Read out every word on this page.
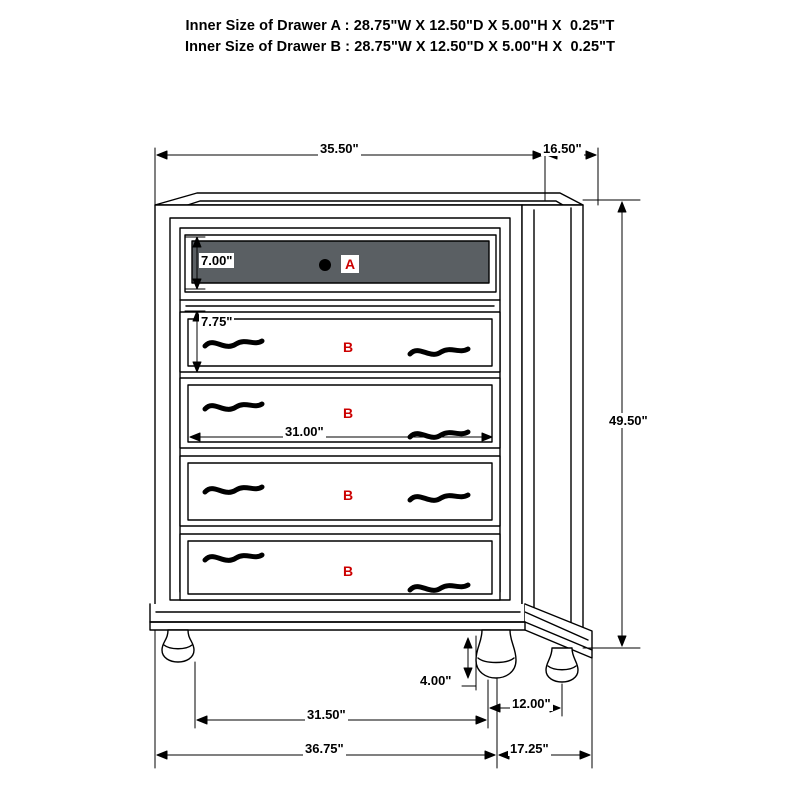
Inner Size of Drawer A : 28.75"W X 12.50"D X 5.00"H X  0.25"T
Inner Size of Drawer B : 28.75"W X 12.50"D X 5.00"H X  0.25"T
35.50"	16.50"
7.00"
7.75"
31.00"
49.50"
4.00"
31.50"
12.00"
36.75"	17.25"
A
B
B
B
B
